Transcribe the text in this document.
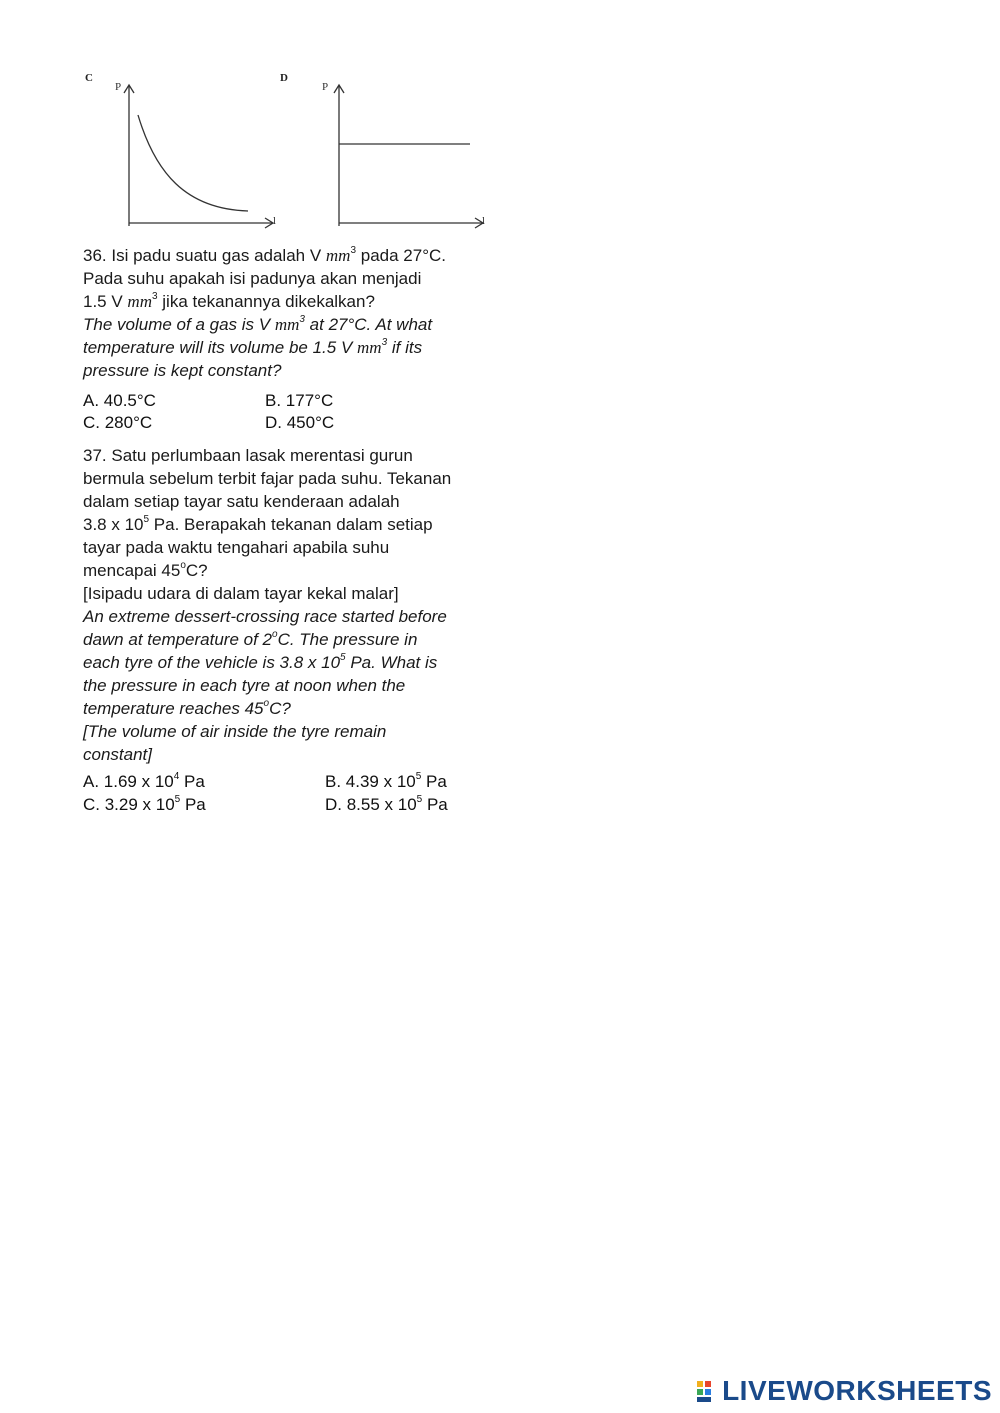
C
P
l
D
P
l
36. Isi padu suatu gas adalah V $mm^3$ pada 27°C.
Pada suhu apakah isi padunya akan menjadi
1.5 V $mm^3$ jika tekanannya dikekalkan?
The volume of a gas is V $mm^3$ at 27°C. At what
temperature will its volume be 1.5 V $mm^3$ if its
pressure is kept constant?
A. 40.5°C	B. 177°C
C. 280°C	D. 450°C
37. Satu perlumbaan lasak merentasi gurun
bermula sebelum terbit fajar pada suhu. Tekanan
dalam setiap tayar satu kenderaan adalah
3.8 x $10^5$ Pa. Berapakah tekanan dalam setiap
tayar pada waktu tengahari apabila suhu
mencapai 45$^o$C?
[Isipadu udara di dalam tayar kekal malar]
An extreme dessert-crossing race started before
dawn at temperature of 2$^o$C. The pressure in
each tyre of the vehicle is 3.8 x $10^5$ Pa. What is
the pressure in each tyre at noon when the
temperature reaches 45$^o$C?
[The volume of air inside the tyre remain
constant]
A. 1.69 x $10^4$ Pa	B. 4.39 x $10^5$ Pa
C. 3.29 x $10^5$ Pa	D. 8.55 x $10^5$ Pa
LIVEWORKSHEETS
